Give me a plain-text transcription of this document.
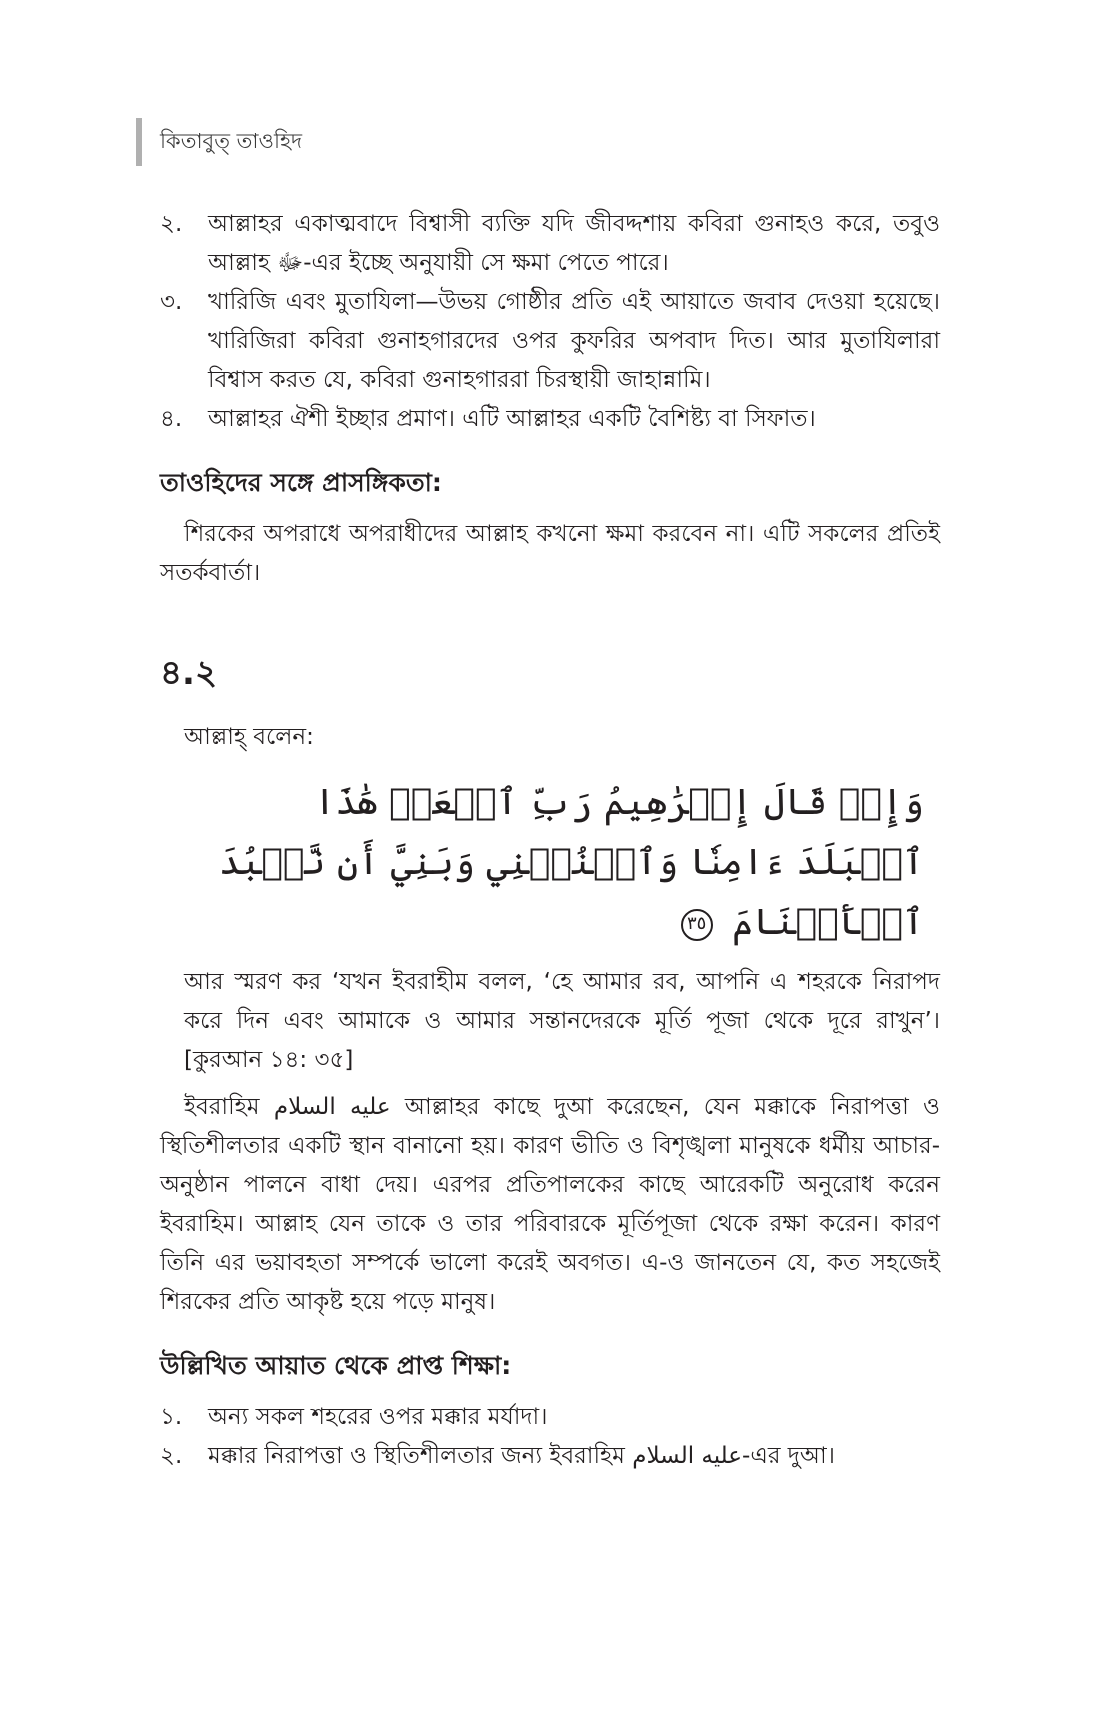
কিতাবুত্ তাওহিদ
২.	আল্লাহর একাত্মবাদে বিশ্বাসী ব্যক্তি যদি জীবদ্দশায় কবিরা গুনাহও করে, তবুও আল্লাহ ﷻ-এর ইচ্ছে অনুযায়ী সে ক্ষমা পেতে পারে।
৩.	খারিজি এবং মুতাযিলা—উভয় গোষ্ঠীর প্রতি এই আয়াতে জবাব দেওয়া হয়েছে। খারিজিরা কবিরা গুনাহগারদের ওপর কুফরির অপবাদ দিত। আর মুতাযিলারা বিশ্বাস করত যে, কবিরা গুনাহগাররা চিরস্থায়ী জাহান্নামি।
৪.	আল্লাহর ঐশী ইচ্ছার প্রমাণ। এটি আল্লাহর একটি বৈশিষ্ট্য বা সিফাত।
তাওহিদের সঙ্গে প্রাসঙ্গিকতা:

শিরকের অপরাধে অপরাধীদের আল্লাহ কখনো ক্ষমা করবেন না। এটি সকলের প্রতিই সতর্কবার্তা।

৪.২
আল্লাহ্ বলেন:
وَإِذۡ قَالَ إِبۡرَٰهِيمُ رَبِّ ٱجۡعَلۡ هَٰذَا ٱلۡبَلَدَ ءَامِنٗا وَٱجۡنُبۡنِي وَبَنِيَّ أَن نَّعۡبُدَ ٱلۡأَصۡنَامَ ٣٥

আর স্মরণ কর ‘যখন ইবরাহীম বলল, ‘হে আমার রব, আপনি এ শহরকে নিরাপদ করে দিন এবং আমাকে ও আমার সন্তানদেরকে মূর্তি পূজা থেকে দূরে রাখুন’। [কুরআন ১৪: ৩৫]

ইবরাহিম عليه السلام আল্লাহর কাছে দুআ করেছেন, যেন মক্কাকে নিরাপত্তা ও স্থিতিশীলতার একটি স্থান বানানো হয়। কারণ ভীতি ও বিশৃঙ্খলা মানুষকে ধর্মীয় আচার-অনুষ্ঠান পালনে বাধা দেয়। এরপর প্রতিপালকের কাছে আরেকটি অনুরোধ করেন ইবরাহিম। আল্লাহ যেন তাকে ও তার পরিবারকে মূর্তিপূজা থেকে রক্ষা করেন। কারণ তিনি এর ভয়াবহতা সম্পর্কে ভালো করেই অবগত। এ-ও জানতেন যে, কত সহজেই শিরকের প্রতি আকৃষ্ট হয়ে পড়ে মানুষ।

উল্লিখিত আয়াত থেকে প্রাপ্ত শিক্ষা:
১.	অন্য সকল শহরের ওপর মক্কার মর্যাদা।
২.	মক্কার নিরাপত্তা ও স্থিতিশীলতার জন্য ইবরাহিম عليه السلام-এর দুআ।
